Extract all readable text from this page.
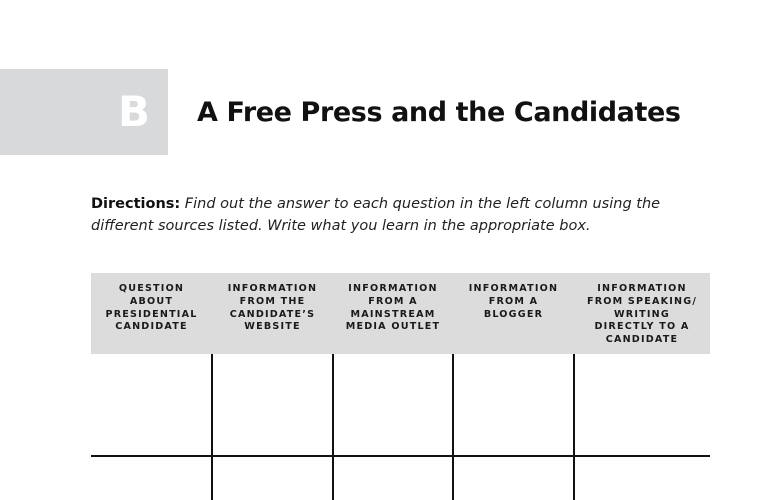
B A Free Press and the Candidates
Directions: Find out the answer to each question in the left column using the different sources listed. Write what you learn in the appropriate box.
QUESTION
ABOUT
PRESIDENTIAL
CANDIDATE
INFORMATION
FROM THE
CANDIDATE’S
WEBSITE
INFORMATION
FROM A
MAINSTREAM
MEDIA OUTLET
INFORMATION
FROM A
BLOGGER
INFORMATION
FROM SPEAKING/
WRITING
DIRECTLY TO A
CANDIDATE
